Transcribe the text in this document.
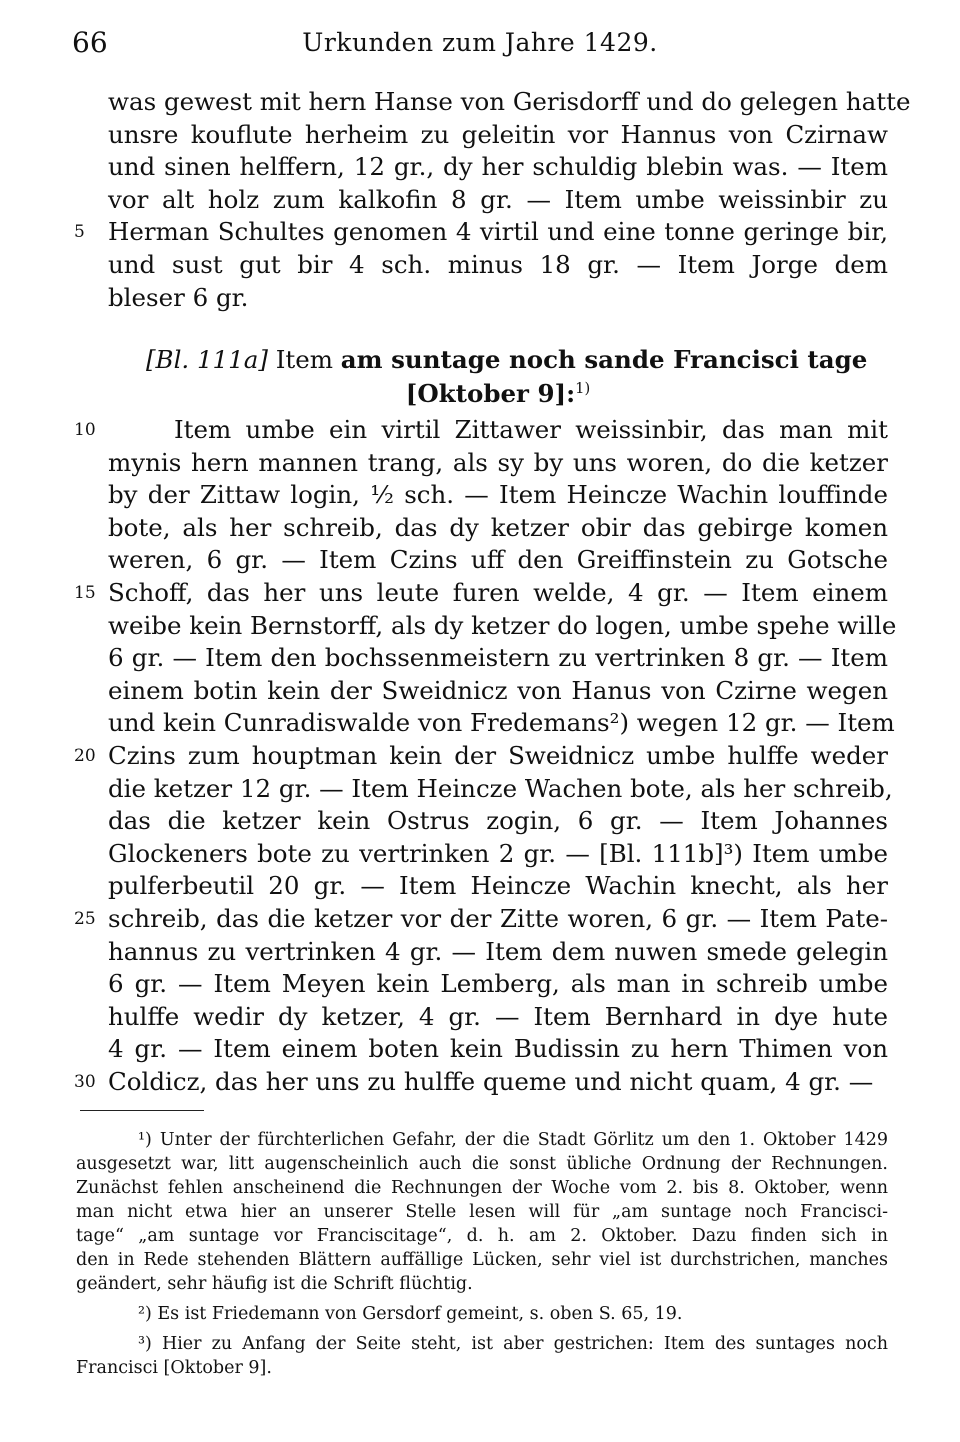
66	Urkunden zum Jahre 1429.
was gewest mit hern Hanse von Gerisdorff und do gelegen hatte
unsre kouflute herheim zu geleitin vor Hannus von Czirnaw
und sinen helffern, 12 gr., dy her schuldig blebin was. — Item
vor alt holz zum kalkofin 8 gr. — Item umbe weissinbir zu
Herman Schultes genomen 4 virtil und eine tonne geringe bir,
und sust gut bir 4 sch. minus 18 gr. — Item Jorge dem
bleser 6 gr.
[Bl. 111a] Item am suntage noch sande Francisci tage
[Oktober 9]:$^{1)}$
Item umbe ein virtil Zittawer weissinbir, das man mit
mynis hern mannen trang, als sy by uns woren, do die ketzer
by der Zittaw login, ½ sch. — Item Heincze Wachin louffinde
bote, als her schreib, das dy ketzer obir das gebirge komen
weren, 6 gr. — Item Czins uff den Greiffinstein zu Gotsche
Schoff, das her uns leute furen welde, 4 gr. — Item einem
weibe kein Bernstorff, als dy ketzer do logen, umbe spehe wille
6 gr. — Item den bochssenmeistern zu vertrinken 8 gr. — Item
einem botin kein der Sweidnicz von Hanus von Czirne wegen
und kein Cunradiswalde von Fredemans²) wegen 12 gr. — Item
Czins zum houptman kein der Sweidnicz umbe hulffe weder
die ketzer 12 gr. — Item Heincze Wachen bote, als her schreib,
das die ketzer kein Ostrus zogin, 6 gr. — Item Johannes
Glockeners bote zu vertrinken 2 gr. — [Bl. 111b]³) Item umbe
pulferbeutil 20 gr. — Item Heincze Wachin knecht, als her
schreib, das die ketzer vor der Zitte woren, 6 gr. — Item Pate-
hannus zu vertrinken 4 gr. — Item dem nuwen smede gelegin
6 gr. — Item Meyen kein Lemberg, als man in schreib umbe
hulffe wedir dy ketzer, 4 gr. — Item Bernhard in dye hute
4 gr. — Item einem boten kein Budissin zu hern Thimen von
Coldicz, das her uns zu hulffe queme und nicht quam, 4 gr. —
5
10
15
20
25
30
¹) Unter der fürchterlichen Gefahr, der die Stadt Görlitz um den 1. Oktober 1429
ausgesetzt war, litt augenscheinlich auch die sonst übliche Ordnung der Rechnungen.
Zunächst fehlen anscheinend die Rechnungen der Woche vom 2. bis 8. Oktober, wenn
man nicht etwa hier an unserer Stelle lesen will für „am suntage noch Francisci-
tage“ „am suntage vor Franciscitage“, d. h. am 2. Oktober. Dazu finden sich in
den in Rede stehenden Blättern auffällige Lücken, sehr viel ist durchstrichen, manches
geändert, sehr häufig ist die Schrift flüchtig.
²) Es ist Friedemann von Gersdorf gemeint, s. oben S. 65, 19.
³) Hier zu Anfang der Seite steht, ist aber gestrichen: Item des suntages noch
Francisci [Oktober 9].
